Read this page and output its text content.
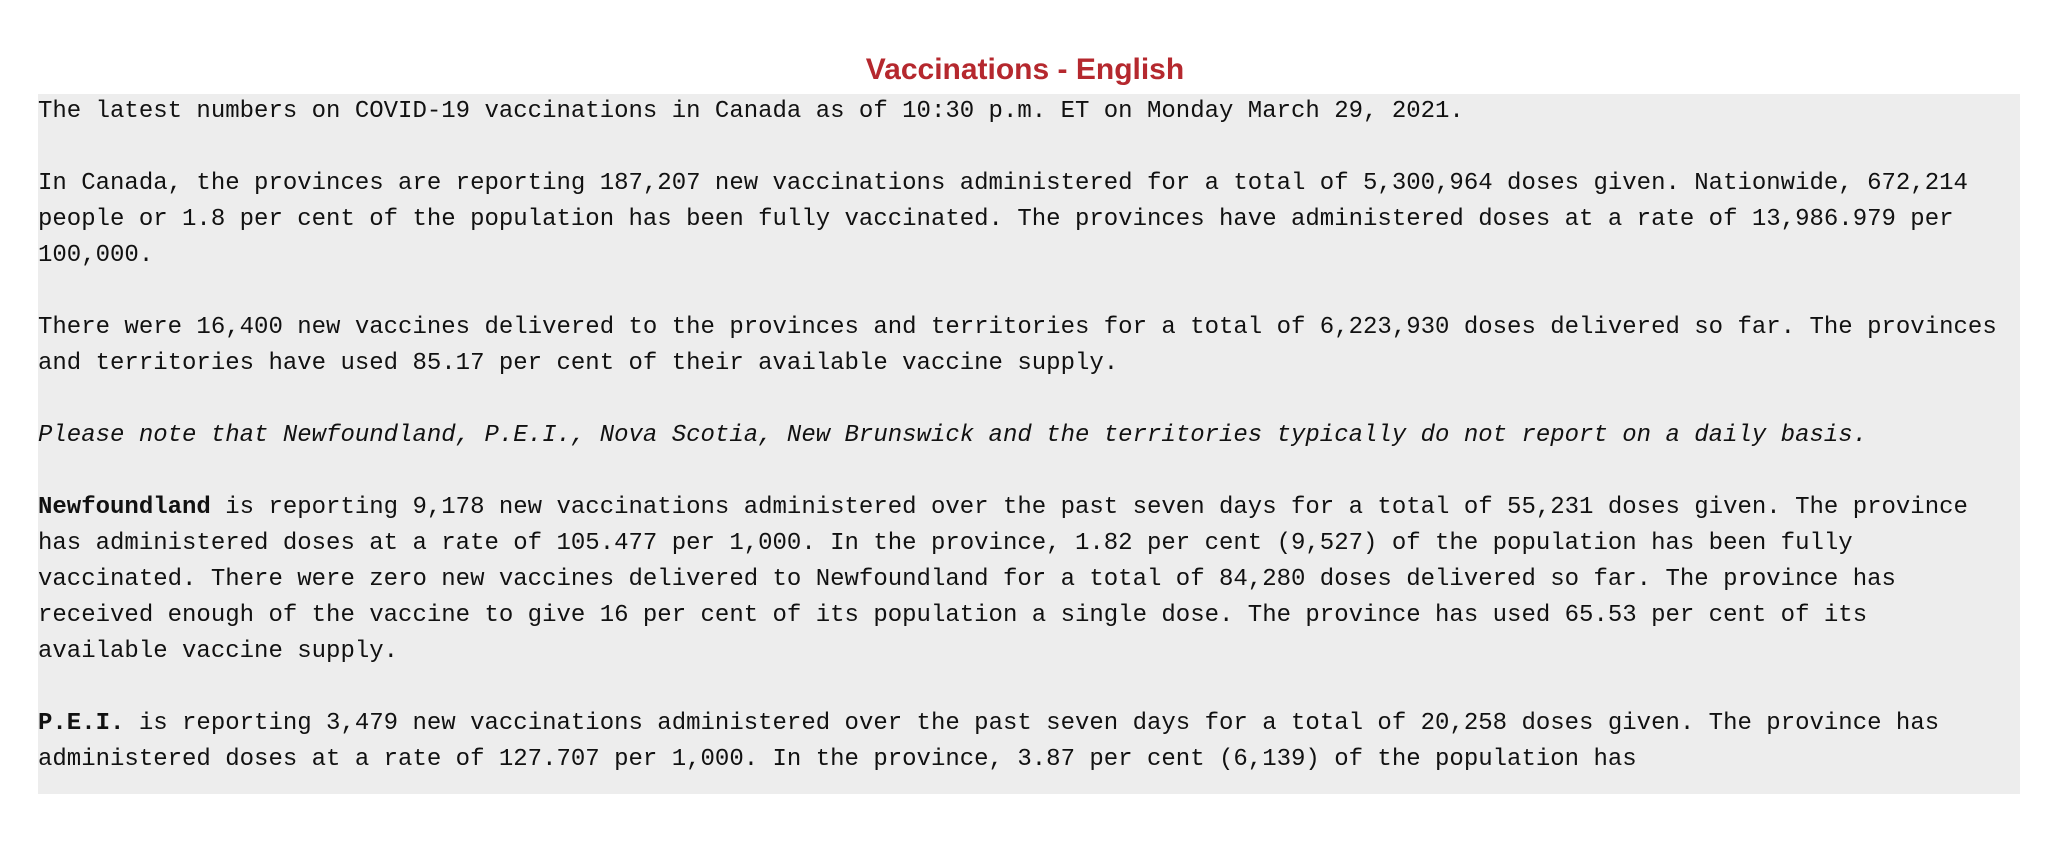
Vaccinations - English

The latest numbers on COVID-19 vaccinations in Canada as of 10:30 p.m. ET on Monday March 29, 2021.

In Canada, the provinces are reporting 187,207 new vaccinations administered for a total of 5,300,964 doses given. Nationwide, 672,214 people or 1.8 per cent of the population has been fully vaccinated. The provinces have administered doses at a rate of 13,986.979 per 100,000.

There were 16,400 new vaccines delivered to the provinces and territories for a total of 6,223,930 doses delivered so far. The provinces and territories have used 85.17 per cent of their available vaccine supply.

Please note that Newfoundland, P.E.I., Nova Scotia, New Brunswick and the territories typically do not report on a daily basis.

Newfoundland is reporting 9,178 new vaccinations administered over the past seven days for a total of 55,231 doses given. The province has administered doses at a rate of 105.477 per 1,000. In the province, 1.82 per cent (9,527) of the population has been fully vaccinated. There were zero new vaccines delivered to Newfoundland for a total of 84,280 doses delivered so far. The province has received enough of the vaccine to give 16 per cent of its population a single dose. The province has used 65.53 per cent of its available vaccine supply.

P.E.I. is reporting 3,479 new vaccinations administered over the past seven days for a total of 20,258 doses given. The province has administered doses at a rate of 127.707 per 1,000. In the province, 3.87 per cent (6,139) of the population has
